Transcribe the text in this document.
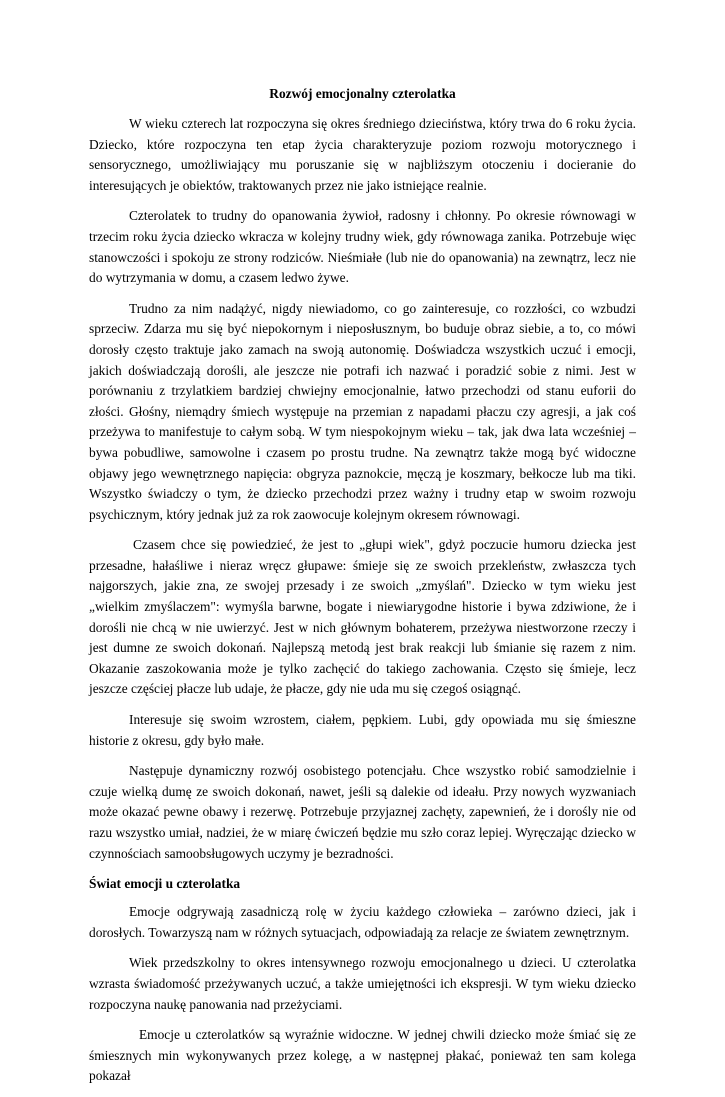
Rozwój emocjonalny czterolatka

W wieku czterech lat rozpoczyna się okres średniego dzieciństwa, który trwa do 6 roku życia. Dziecko, które rozpoczyna ten etap życia charakteryzuje poziom rozwoju motorycznego i sensorycznego, umożliwiający mu poruszanie się w najbliższym otoczeniu i docieranie do interesujących je obiektów, traktowanych przez nie jako istniejące realnie.

Czterolatek to trudny do opanowania żywioł, radosny i chłonny. Po okresie równowagi w trzecim roku życia dziecko wkracza w kolejny trudny wiek, gdy równowaga zanika. Potrzebuje więc stanowczości i spokoju ze strony rodziców. Nieśmiałe (lub nie do opanowania) na zewnątrz, lecz nie do wytrzymania w domu, a czasem ledwo żywe.

Trudno za nim nadążyć, nigdy niewiadomo, co go zainteresuje, co rozzłości, co wzbudzi sprzeciw. Zdarza mu się być niepokornym i nieposłusznym, bo buduje obraz siebie, a to, co mówi dorosły często traktuje jako zamach na swoją autonomię. Doświadcza wszystkich uczuć i emocji, jakich doświadczają dorośli, ale jeszcze nie potrafi ich nazwać i poradzić sobie z nimi. Jest w porównaniu z trzylatkiem bardziej chwiejny emocjonalnie, łatwo przechodzi od stanu euforii do złości. Głośny, niemądry śmiech występuje na przemian z napadami płaczu czy agresji, a jak coś przeżywa to manifestuje to całym sobą. W tym niespokojnym wieku – tak, jak dwa lata wcześniej – bywa pobudliwe, samowolne i czasem po prostu trudne. Na zewnątrz także mogą być widoczne objawy jego wewnętrznego napięcia: obgryza paznokcie, męczą je koszmary, bełkocze lub ma tiki. Wszystko świadczy o tym, że dziecko przechodzi przez ważny i trudny etap w swoim rozwoju psychicznym, który jednak już za rok zaowocuje kolejnym okresem równowagi.

Czasem chce się powiedzieć, że jest to „głupi wiek", gdyż poczucie humoru dziecka jest przesadne, hałaśliwe i nieraz wręcz głupawe: śmieje się ze swoich przekleństw, zwłaszcza tych najgorszych, jakie zna, ze swojej przesady i ze swoich „zmyślań". Dziecko w tym wieku jest „wielkim zmyślaczem": wymyśla barwne, bogate i niewiarygodne historie i bywa zdziwione, że i dorośli nie chcą w nie uwierzyć. Jest w nich głównym bohaterem, przeżywa niestworzone rzeczy i jest dumne ze swoich dokonań. Najlepszą metodą jest brak reakcji lub śmianie się razem z nim. Okazanie zaszokowania może je tylko zachęcić do takiego zachowania. Często się śmieje, lecz jeszcze częściej płacze lub udaje, że płacze, gdy nie uda mu się czegoś osiągnąć.

Interesuje się swoim wzrostem, ciałem, pępkiem. Lubi, gdy opowiada mu się śmieszne historie z okresu, gdy było małe.

Następuje dynamiczny rozwój osobistego potencjału. Chce wszystko robić samodzielnie i czuje wielką dumę ze swoich dokonań, nawet, jeśli są dalekie od ideału. Przy nowych wyzwaniach może okazać pewne obawy i rezerwę. Potrzebuje przyjaznej zachęty, zapewnień, że i dorośly nie od razu wszystko umiał, nadziei, że w miarę ćwiczeń będzie mu szło coraz lepiej. Wyręczając dziecko w czynnościach samoobsługowych uczymy je bezradności.

Świat emocji u czterolatka

Emocje odgrywają zasadniczą rolę w życiu każdego człowieka – zarówno dzieci, jak i dorosłych. Towarzyszą nam w różnych sytuacjach, odpowiadają za relacje ze światem zewnętrznym.

Wiek przedszkolny to okres intensywnego rozwoju emocjonalnego u dzieci. U czterolatka wzrasta świadomość przeżywanych uczuć, a także umiejętności ich ekspresji. W tym wieku dziecko rozpoczyna naukę panowania nad przeżyciami.

Emocje u czterolatków są wyraźnie widoczne. W jednej chwili dziecko może śmiać się ze śmiesznych min wykonywanych przez kolegę, a w następnej płakać, ponieważ ten sam kolega pokazał
